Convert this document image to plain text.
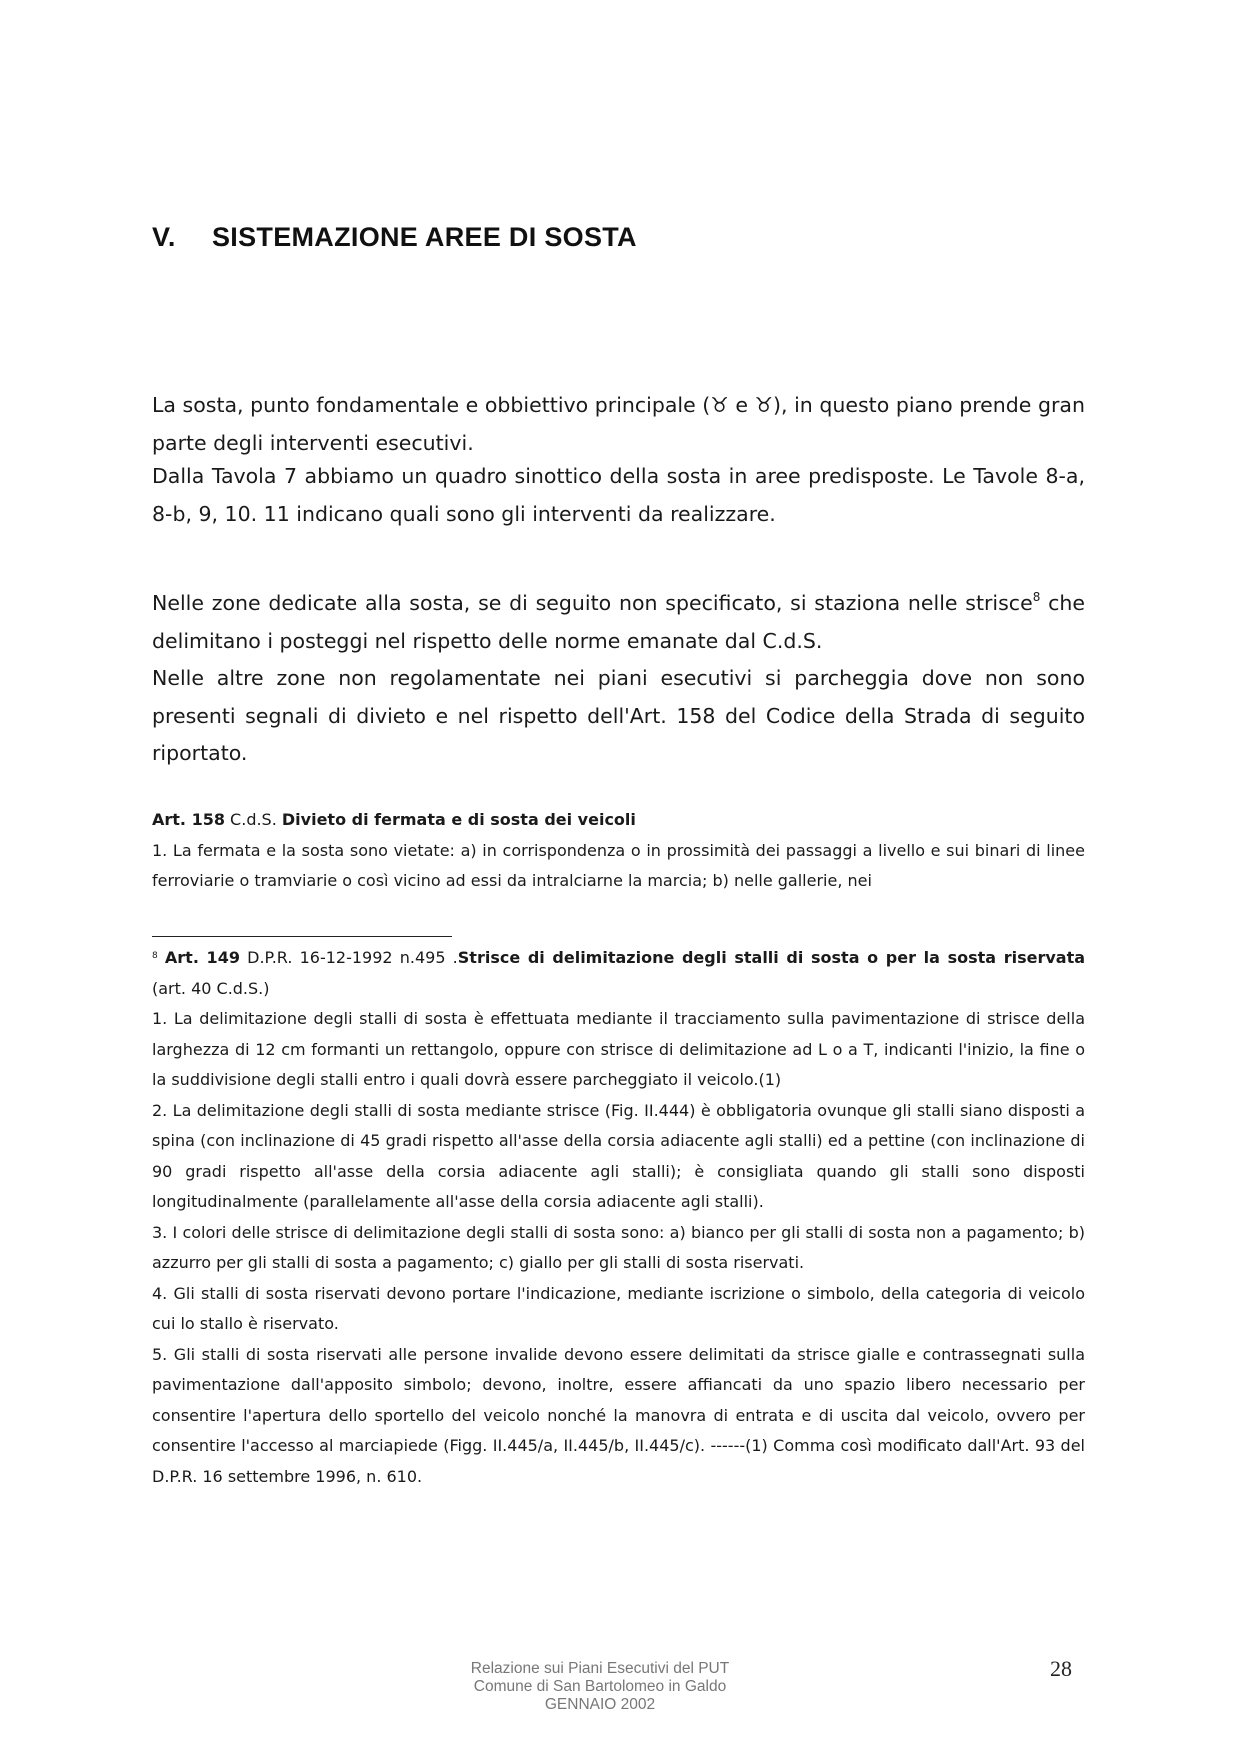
V. SISTEMAZIONE AREE DI SOSTA

La sosta, punto fondamentale e obbiettivo principale (♉ e ♉), in questo piano prende gran parte degli interventi esecutivi.

Dalla Tavola 7 abbiamo un quadro sinottico della sosta in aree predisposte. Le Tavole 8-a, 8-b, 9, 10. 11 indicano quali sono gli interventi da realizzare.

Nelle zone dedicate alla sosta, se di seguito non specificato, si staziona nelle strisce$^8$ che delimitano i posteggi nel rispetto delle norme emanate dal C.d.S.

Nelle altre zone non regolamentate nei piani esecutivi si parcheggia dove non sono presenti segnali di divieto e nel rispetto dell'Art. 158 del Codice della Strada di seguito riportato.

Art. 158 C.d.S. Divieto di fermata e di sosta dei veicoli

1. La fermata e la sosta sono vietate: a) in corrispondenza o in prossimità dei passaggi a livello e sui binari di linee ferroviarie o tramviarie o così vicino ad essi da intralciarne la marcia; b) nelle gallerie, nei

$^8$ Art. 149 D.P.R. 16-12-1992 n.495 .Strisce di delimitazione degli stalli di sosta o per la sosta riservata (art. 40 C.d.S.)

1. La delimitazione degli stalli di sosta è effettuata mediante il tracciamento sulla pavimentazione di strisce della larghezza di 12 cm formanti un rettangolo, oppure con strisce di delimitazione ad L o a T, indicanti l'inizio, la fine o la suddivisione degli stalli entro i quali dovrà essere parcheggiato il veicolo.(1)

2. La delimitazione degli stalli di sosta mediante strisce (Fig. II.444) è obbligatoria ovunque gli stalli siano disposti a spina (con inclinazione di 45 gradi rispetto all'asse della corsia adiacente agli stalli) ed a pettine (con inclinazione di 90 gradi rispetto all'asse della corsia adiacente agli stalli); è consigliata quando gli stalli sono disposti longitudinalmente (parallelamente all'asse della corsia adiacente agli stalli).

3. I colori delle strisce di delimitazione degli stalli di sosta sono: a) bianco per gli stalli di sosta non a pagamento; b) azzurro per gli stalli di sosta a pagamento; c) giallo per gli stalli di sosta riservati.

4. Gli stalli di sosta riservati devono portare l'indicazione, mediante iscrizione o simbolo, della categoria di veicolo cui lo stallo è riservato.

5. Gli stalli di sosta riservati alle persone invalide devono essere delimitati da strisce gialle e contrassegnati sulla pavimentazione dall'apposito simbolo; devono, inoltre, essere affiancati da uno spazio libero necessario per consentire l'apertura dello sportello del veicolo nonché la manovra di entrata e di uscita dal veicolo, ovvero per consentire l'accesso al marciapiede (Figg. II.445/a, II.445/b, II.445/c). ------(1) Comma così modificato dall'Art. 93 del D.P.R. 16 settembre 1996, n. 610.

Relazione sui Piani Esecutivi del PUT
Comune di San Bartolomeo in Galdo
GENNAIO 2002
28
